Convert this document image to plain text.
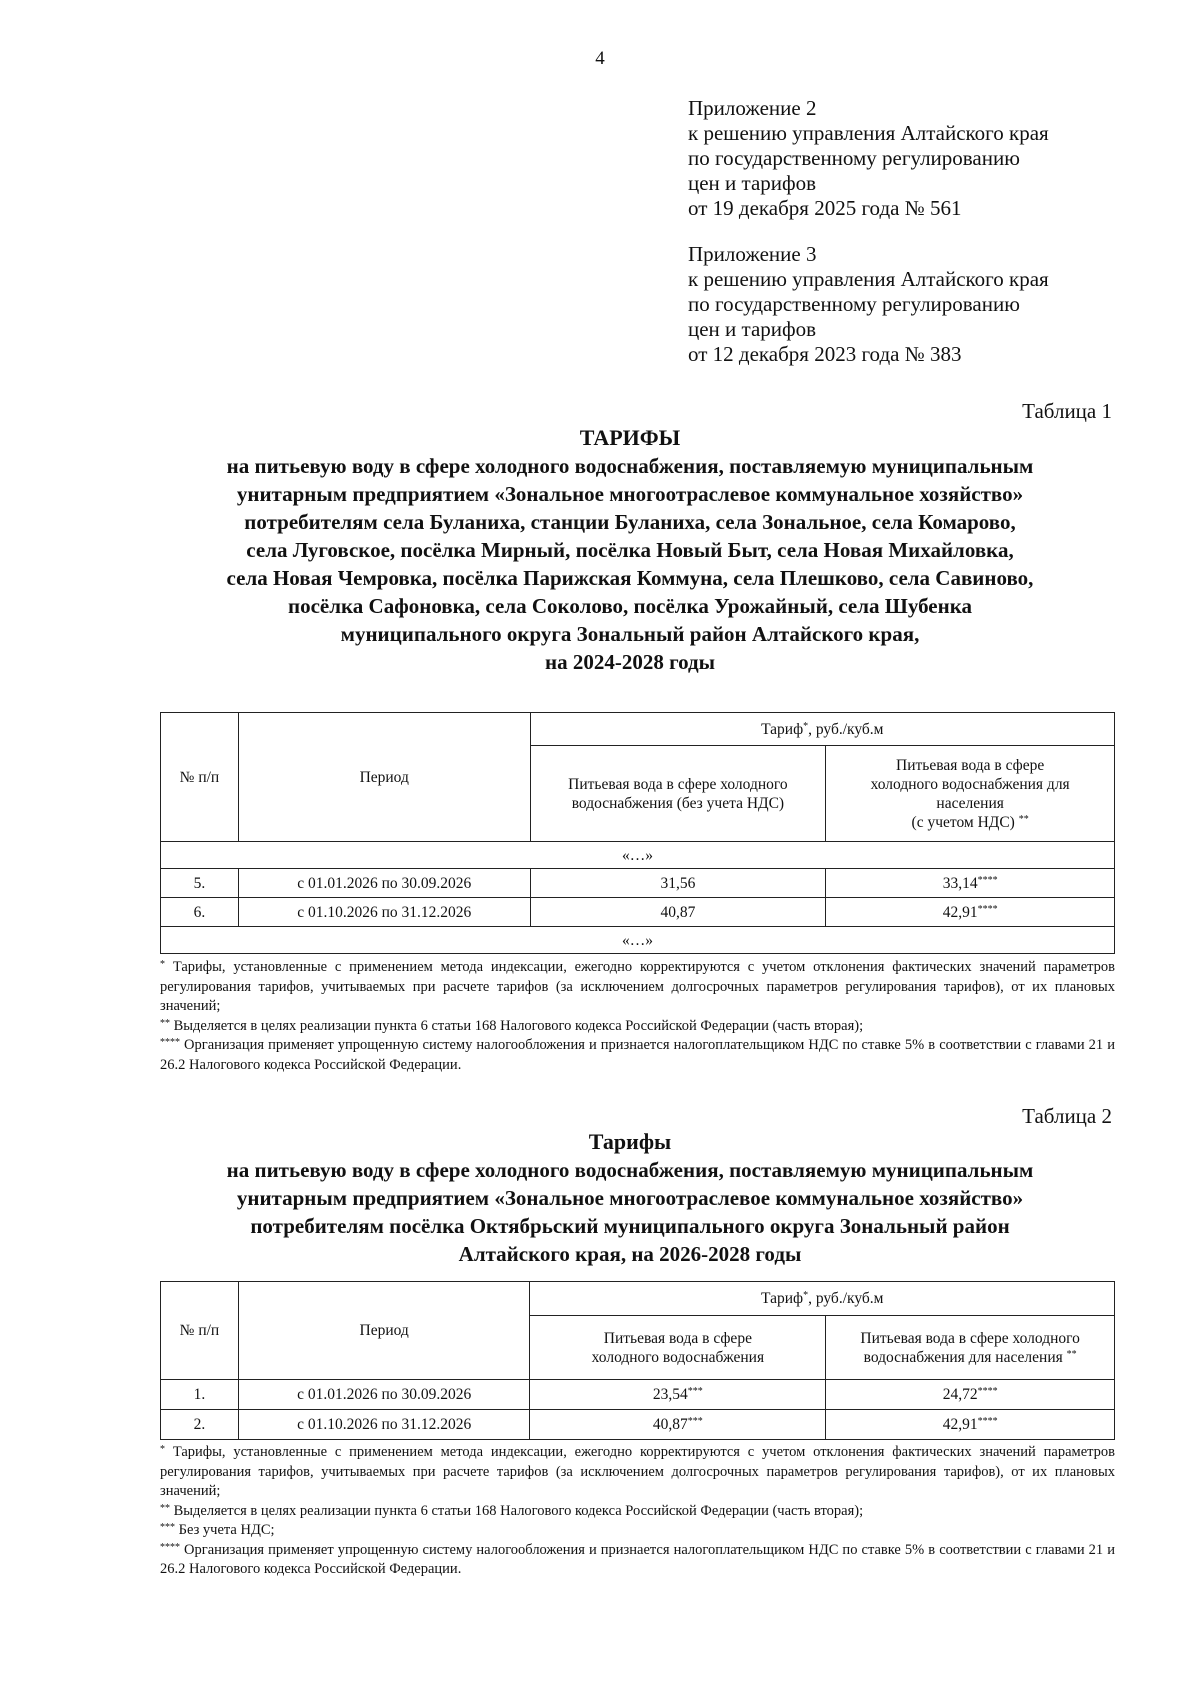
4
Приложение 2
к решению управления Алтайского края
по государственному регулированию
цен и тарифов
от 19 декабря 2025 года № 561
Приложение 3
к решению управления Алтайского края
по государственному регулированию
цен и тарифов
от 12 декабря 2023 года № 383
Таблица 1
ТАРИФЫ
на питьевую воду в сфере холодного водоснабжения, поставляемую муниципальным
унитарным предприятием «Зональное многоотраслевое коммунальное хозяйство»
потребителям села Буланиха, станции Буланиха, села Зональное, села Комарово,
села Луговское, посёлка Мирный, посёлка Новый Быт, села Новая Михайловка,
села Новая Чемровка, посёлка Парижская Коммуна, села Плешково, села Савиново,
посёлка Сафоновка, села Соколово, посёлка Урожайный, села Шубенка
муниципального округа Зональный район Алтайского края,
на 2024-2028 годы
№ п/п	Период	Тариф*, руб./куб.м	

		Питьевая вода в сфере холодного водоснабжения (без учета НДС)	Питьевая вода в сфере
холодного водоснабжения для
населения
(с учетом НДС) **

«…»			
5.	с 01.01.2026 по 30.09.2026	31,56	33,14****
6.	с 01.10.2026 по 31.12.2026	40,87	42,91****
«…»			

* Тарифы, установленные с применением метода индексации, ежегодно корректируются с учетом отклонения фактических значений параметров регулирования тарифов, учитываемых при расчете тарифов (за исключением долгосрочных параметров регулирования тарифов), от их плановых значений;

** Выделяется в целях реализации пункта 6 статьи 168 Налогового кодекса Российской Федерации (часть вторая);

**** Организация применяет упрощенную систему налогообложения и признается налогоплательщиком НДС по ставке 5% в соответствии с главами 21 и 26.2 Налогового кодекса Российской Федерации.

Таблица 2
Тарифы
на питьевую воду в сфере холодного водоснабжения, поставляемую муниципальным
унитарным предприятием «Зональное многоотраслевое коммунальное хозяйство»
потребителям посёлка Октябрьский муниципального округа Зональный район
Алтайского края, на 2026-2028 годы
№ п/п	Период	Тариф*, руб./куб.м	

		Питьевая вода в сфере холодного водоснабжения	Питьевая вода в сфере холодного водоснабжения для населения **

1.	с 01.01.2026 по 30.09.2026	23,54***	24,72****
2.	с 01.10.2026 по 31.12.2026	40,87***	42,91****

* Тарифы, установленные с применением метода индексации, ежегодно корректируются с учетом отклонения фактических значений параметров регулирования тарифов, учитываемых при расчете тарифов (за исключением долгосрочных параметров регулирования тарифов), от их плановых значений;

** Выделяется в целях реализации пункта 6 статьи 168 Налогового кодекса Российской Федерации (часть вторая);

*** Без учета НДС;

**** Организация применяет упрощенную систему налогообложения и признается налогоплательщиком НДС по ставке 5% в соответствии с главами 21 и 26.2 Налогового кодекса Российской Федерации.
